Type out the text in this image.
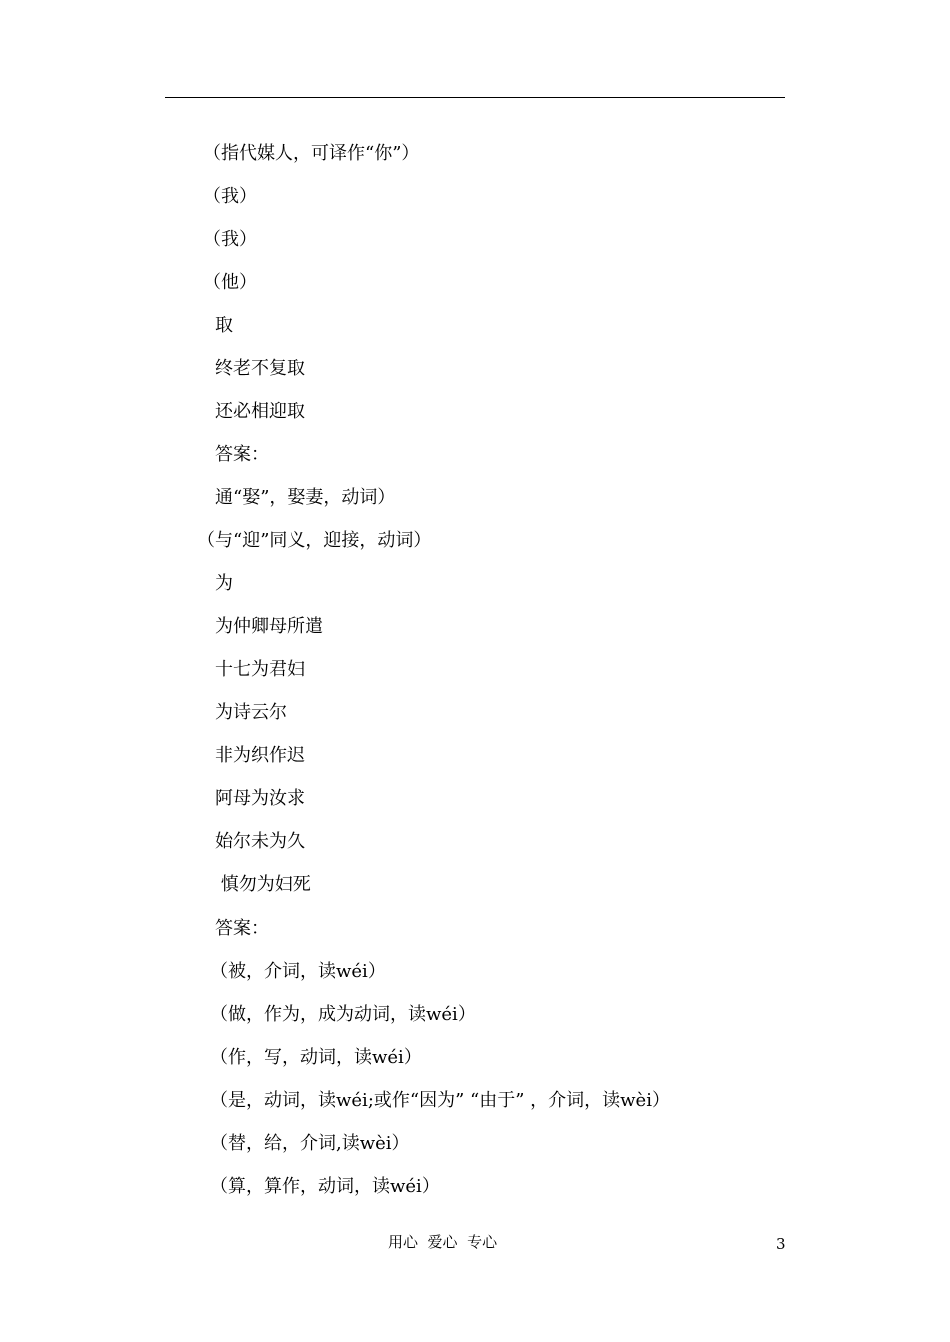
（指代媒人，可译作“你”）
（我）
（我）
（他）
取
终老不复取
还必相迎取
答案：
通“娶”，娶妻，动词）
（与“迎”同义，迎接，动词）
为
为仲卿母所遣
十七为君妇
为诗云尔
非为织作迟
阿母为汝求
始尔未为久
慎勿为妇死
答案：
（被，介词，读wéi）
（做，作为，成为动词，读wéi）
（作，写，动词，读wéi）
（是，动词，读wéi;或作“因为” “由于” ，介词，读wèi）
（替，给，介词,读wèi）
（算，算作，动词，读wéi）
用心  爱心  专心	3
